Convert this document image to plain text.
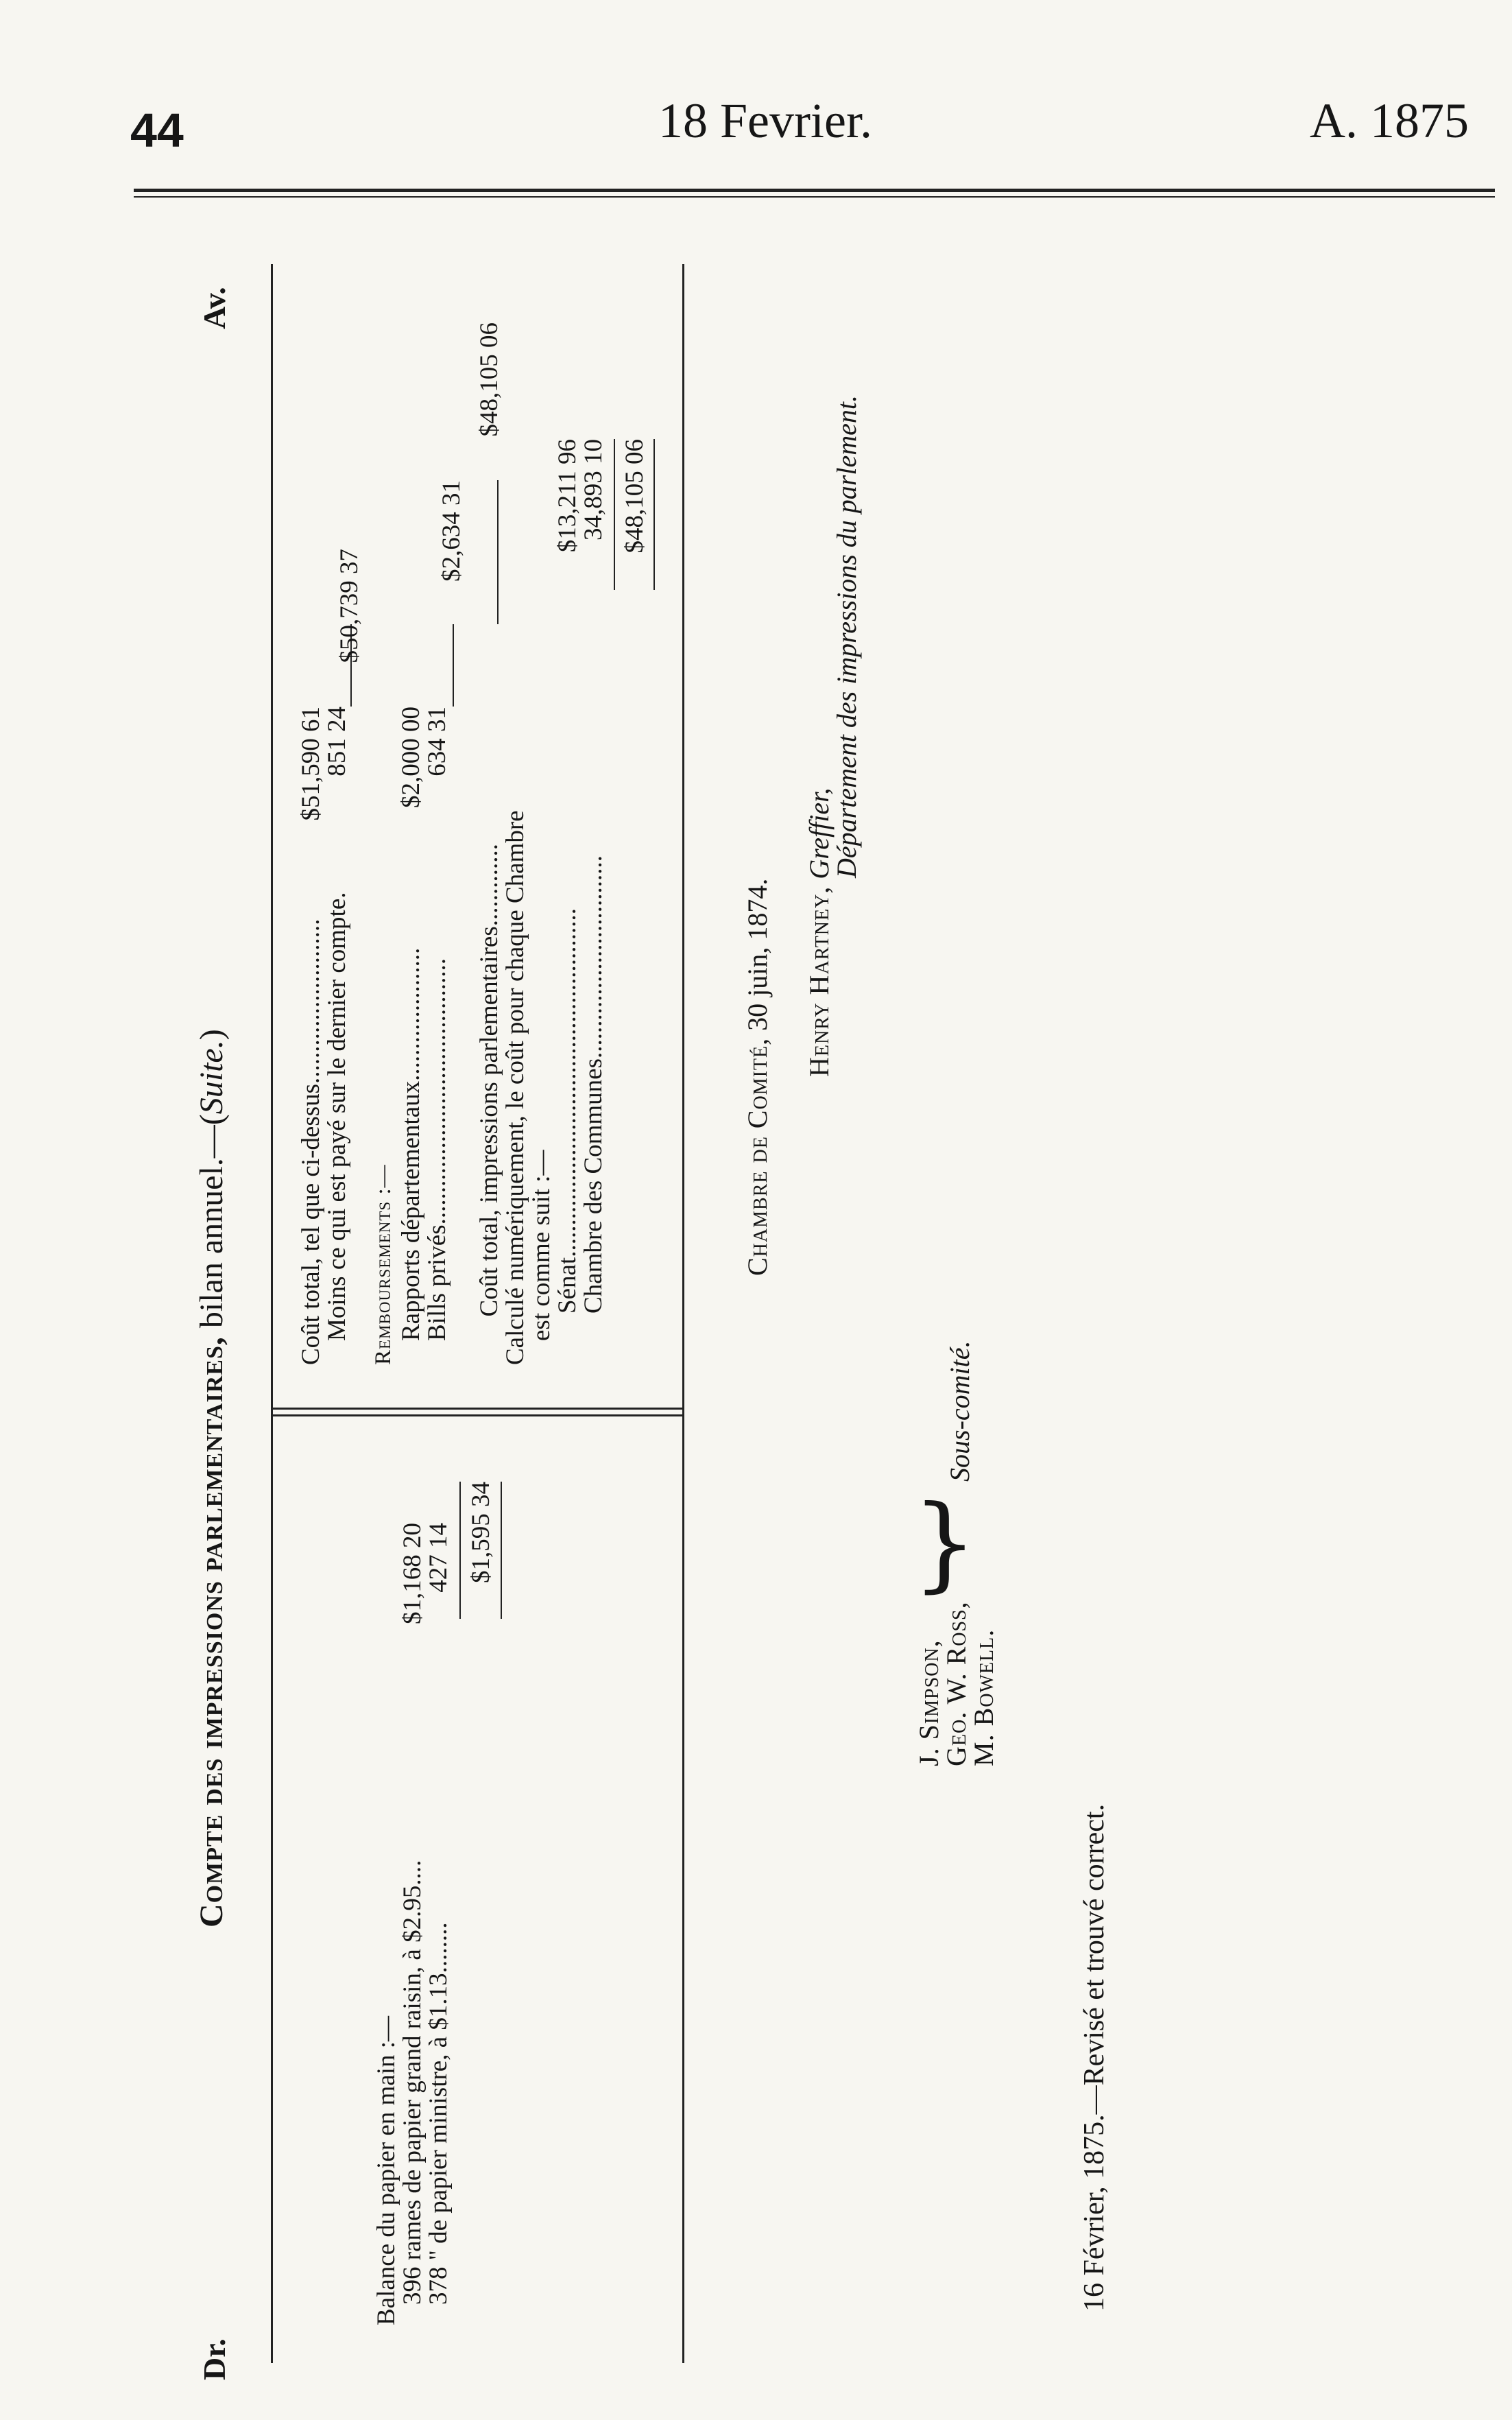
44	18 Fevrier.	A. 1875
Dr.
Av.
Compte des impressions parlementaires, bilan annuel.—(Suite.)
Balance du papier en main :—
396 rames de papier grand raisin, à $2.95....
$1,168 20
378 " de papier ministre, à $1.13........
427 14 $1,595 34
Coût total, tel que ci-dessus..........................
$51,590 61
Moins ce qui est payé sur le dernier compte.
851 24
$50,739 37
Remboursements :— Rapports départementaux.....................
$2,000 00
Bills privés..........................................
634 31
$2,634 31
Coût total, impressions parlementaires.............
$48,105 06
Calculé numériquement, le coût pour chaque Chambre
est comme suit :—
Sénat.......................................................
$13,211 96
Chambre des Communes................................
34,893 10 $48,105 06
Chambre de Comité, 30 juin, 1874. Henry Hartney, Greffier,
Département des impressions du parlement.
J. Simpson,
Geo. W. Ross,
M. Bowell.
}
Sous-comité.
16 Février, 1875.—Revisé et trouvé correct.
